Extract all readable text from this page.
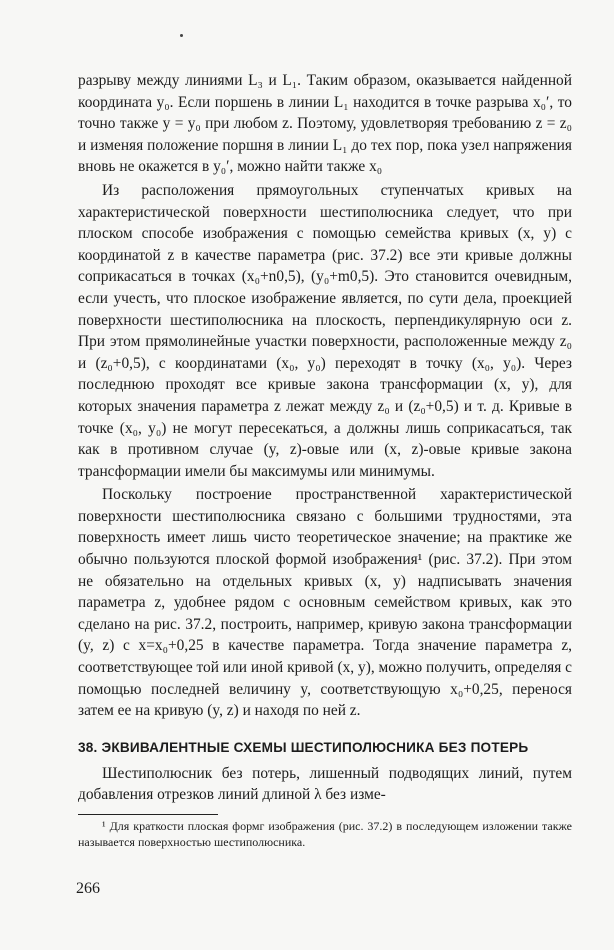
разрыву между линиями L₃ и L₁. Таким образом, оказывается найденной координата y₀. Если поршень в линии L₁ находится в точке разрыва x₀′, то точно также y = y₀ при любом z. Поэтому, удовлетворяя требованию z = z₀ и изменяя положение поршня в линии L₁ до тех пор, пока узел напряжения вновь не окажется в y₀′, можно найти также x₀

Из расположения прямоугольных ступенчатых кривых на характеристической поверхности шестиполюсника следует, что при плоском способе изображения с помощью семейства кривых (x, y) с координатой z в качестве параметра (рис. 37.2) все эти кривые должны соприкасаться в точках (x₀+n0,5), (y₀+m0,5). Это становится очевидным, если учесть, что плоское изображение является, по сути дела, проекцией поверхности шестиполюсника на плоскость, перпендикулярную оси z. При этом прямолинейные участки поверхности, расположенные между z₀ и (z₀+0,5), с координатами (x₀, y₀) переходят в точку (x₀, y₀). Через последнюю проходят все кривые закона трансформации (x, y), для которых значения параметра z лежат между z₀ и (z₀+0,5) и т. д. Кривые в точке (x₀, y₀) не могут пересекаться, а должны лишь соприкасаться, так как в противном случае (y, z)-овые или (x, z)-овые кривые закона трансформации имели бы максимумы или минимумы.

Поскольку построение пространственной характеристической поверхности шестиполюсника связано с большими трудностями, эта поверхность имеет лишь чисто теоретическое значение; на практике же обычно пользуются плоской формой изображения¹ (рис. 37.2). При этом не обязательно на отдельных кривых (x, y) надписывать значения параметра z, удобнее рядом с основным семейством кривых, как это сделано на рис. 37.2, построить, например, кривую закона трансформации (y, z) с x=x₀+0,25 в качестве параметра. Тогда значение параметра z, соответствующее той или иной кривой (x, y), можно получить, определяя с помощью последней величину y, соответствующую x₀+0,25, перенося затем ее на кривую (y, z) и находя по ней z.

38. ЭКВИВАЛЕНТНЫЕ СХЕМЫ ШЕСТИПОЛЮСНИКА БЕЗ ПОТЕРЬ

Шестиполюсник без потерь, лишенный подводящих линий, путем добавления отрезков линий длиной λ без изме-

¹ Для краткости плоская формг изображения (рис. 37.2) в последующем изложении также называется поверхностью шестиполюсника.

266
